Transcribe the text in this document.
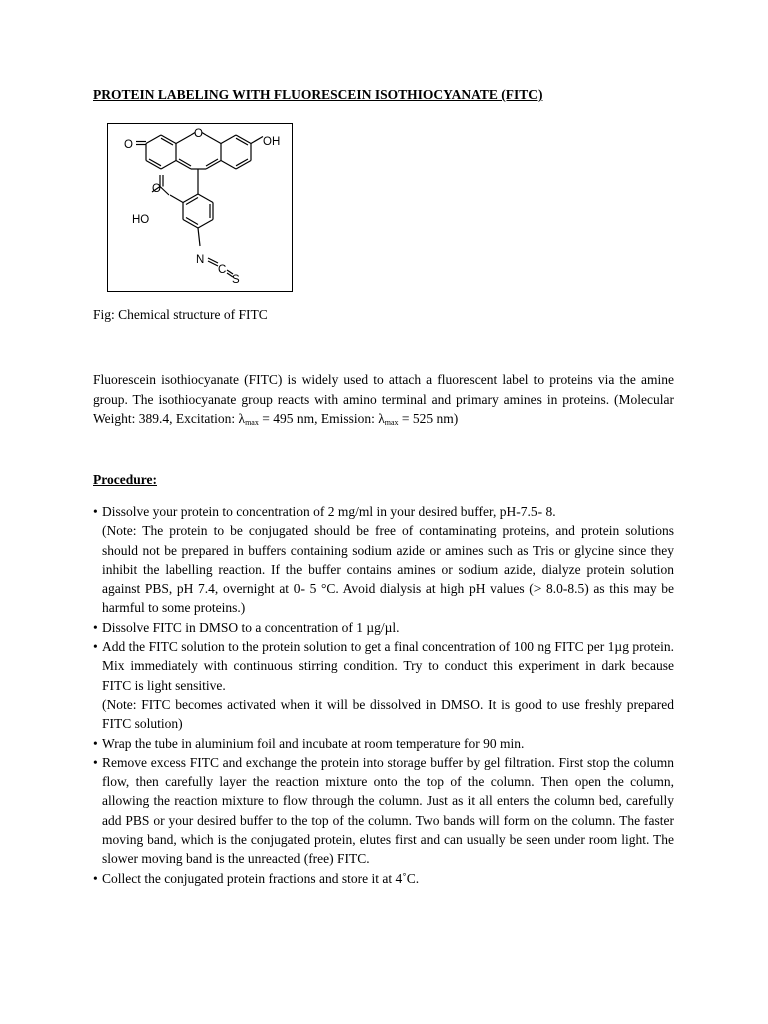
PROTEIN LABELING WITH FLUORESCEIN ISOTHIOCYANATE (FITC)
O
O
OH
O
HO
N
C
S

Fig: Chemical structure of FITC

Fluorescein isothiocyanate (FITC) is widely used to attach a fluorescent label to proteins via the amine group. The isothiocyanate group reacts with amino terminal and primary amines in proteins. (Molecular Weight: 389.4, Excitation: $\lambda_{max} = 495$ nm, Emission: $\lambda_{max} = 525$ nm)

Procedure:
• Dissolve your protein to concentration of 2 mg/ml in your desired buffer, pH-7.5- 8.
(Note: The protein to be conjugated should be free of contaminating proteins, and protein solutions should not be prepared in buffers containing sodium azide or amines such as Tris or glycine since they inhibit the labelling reaction. If the buffer contains amines or sodium azide, dialyze protein solution against PBS, pH 7.4, overnight at 0- 5 °C. Avoid dialysis at high pH values (> 8.0-8.5) as this may be harmful to some proteins.)
• Dissolve FITC in DMSO to a concentration of 1 µg/µl.
• Add the FITC solution to the protein solution to get a final concentration of 100 ng FITC per 1µg protein. Mix immediately with continuous stirring condition. Try to conduct this experiment in dark because FITC is light sensitive.
(Note: FITC becomes activated when it will be dissolved in DMSO. It is good to use freshly prepared FITC solution)
• Wrap the tube in aluminium foil and incubate at room temperature for 90 min.
• Remove excess FITC and exchange the protein into storage buffer by gel filtration. First stop the column flow, then carefully layer the reaction mixture onto the top of the column. Then open the column, allowing the reaction mixture to flow through the column. Just as it all enters the column bed, carefully add PBS or your desired buffer to the top of the column. Two bands will form on the column. The faster moving band, which is the conjugated protein, elutes first and can usually be seen under room light. The slower moving band is the unreacted (free) FITC.
• Collect the conjugated protein fractions and store it at 4˚C.
